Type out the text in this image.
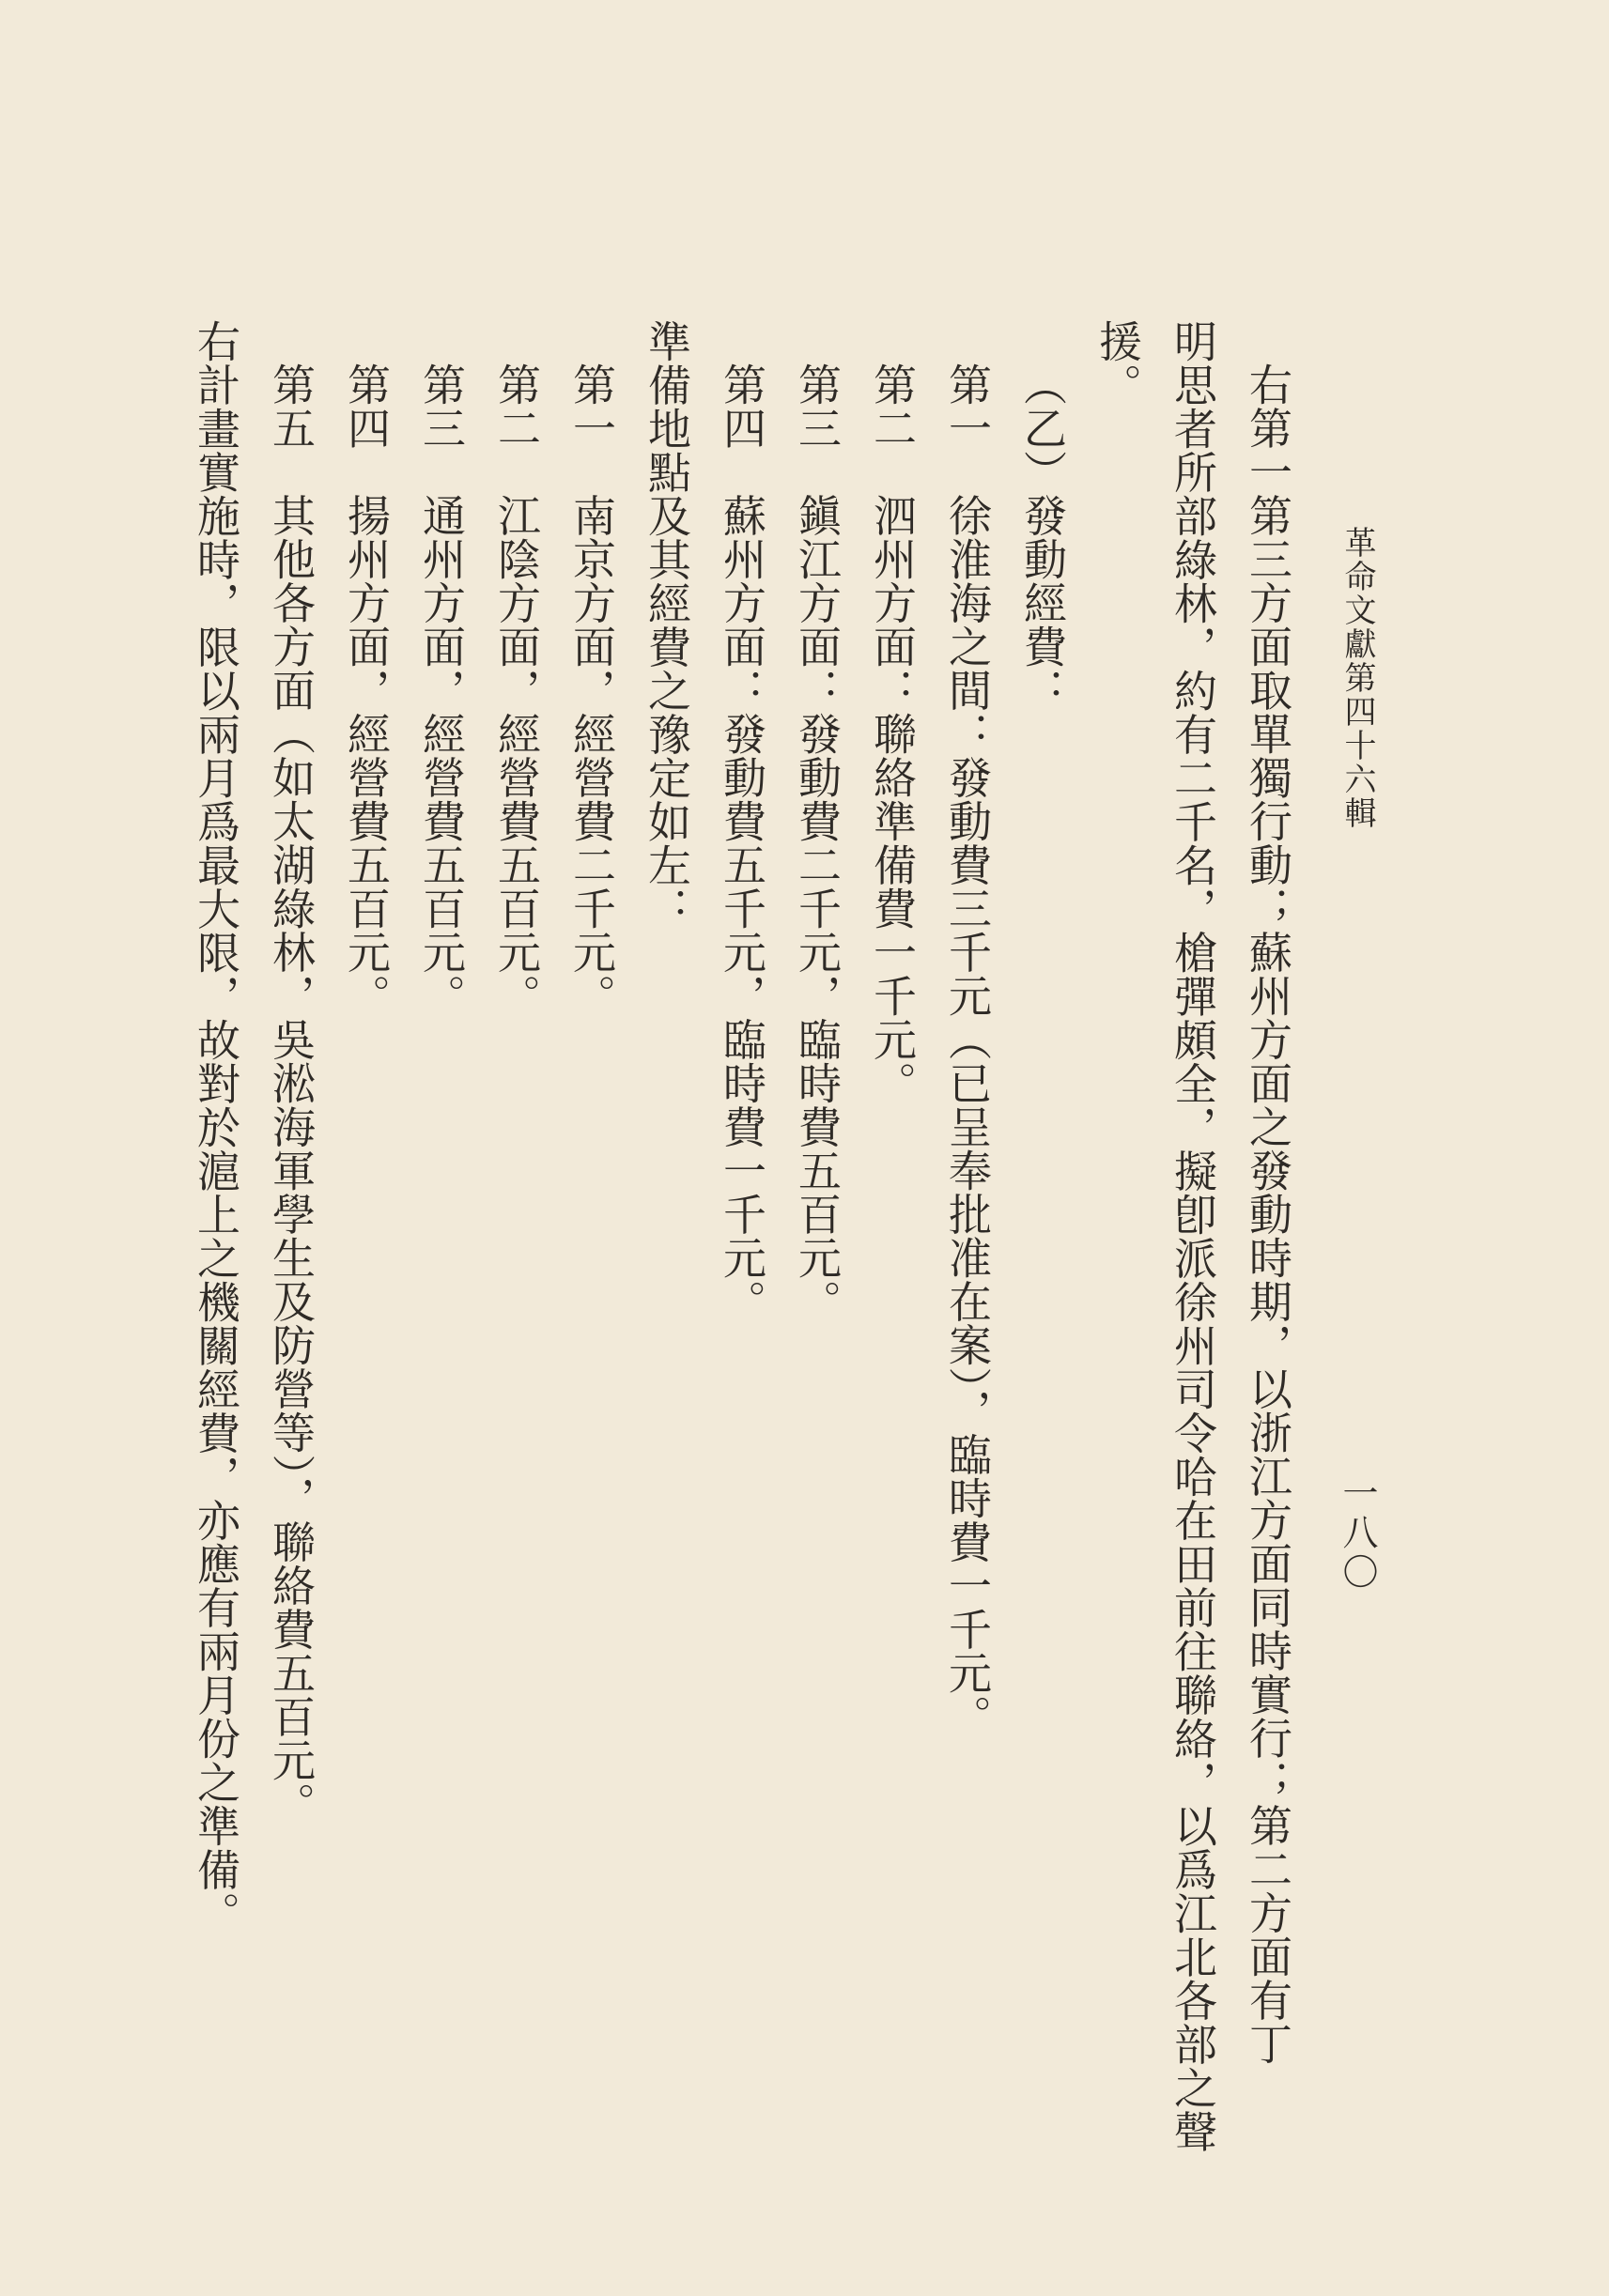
革命文獻第四十六輯
一八〇

右第一第三方面取單獨行動；蘇州方面之發動時期，以浙江方面同時實行；第二方面有丁

明思者所部綠林，約有二千名，槍彈頗全，擬卽派徐州司令哈在田前往聯絡，以爲江北各部之聲

援。

（乙）發動經費：

第一　徐淮海之間：發動費三千元（已呈奉批准在案），臨時費一千元。

第二　泗州方面：聯絡準備費一千元。

第三　鎭江方面：發動費二千元，臨時費五百元。

第四　蘇州方面：發動費五千元，臨時費一千元。

準備地點及其經費之豫定如左：

第一　南京方面，經營費二千元。

第二　江陰方面，經營費五百元。

第三　通州方面，經營費五百元。

第四　揚州方面，經營費五百元。

第五　其他各方面（如太湖綠林，吳淞海軍學生及防營等），聯絡費五百元。

右計畫實施時，限以兩月爲最大限，故對於滬上之機關經費，亦應有兩月份之準備。
